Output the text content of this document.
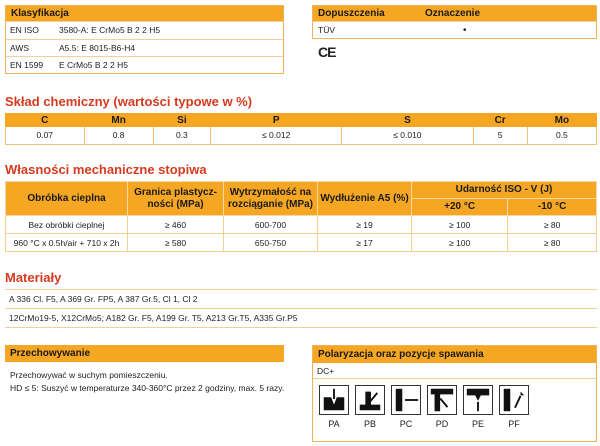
Klasyfikacja
EN ISO	3580-A: E CrMo5 B 2 2 H5
AWS	A5.5: E 8015-B6-H4
EN 1599	E CrMo5 B 2 2 H5
Dopuszczenia	Oznaczenie
TÜV	•
CE
Skład chemiczny (wartości typowe w %)
C	Mn	Si	P	S	Cr	Mo
0.07	0.8	0.3	≤ 0.012	≤ 0.010	5	0.5
Własności mechaniczne stopiwa
Obróbka cieplna	Granica plastycz-ności (MPa)	Wytrzymałość na rozciąganie (MPa)	Wydłużenie A5 (%)	Udarność ISO - V (J)	
				+20 °C	-10 °C
Bez obróbki cieplnej	≥ 460	600-700	≥ 19	≥ 100	≥ 80
960 °C x 0.5h/air + 710 x 2h	≥ 580	650-750	≥ 17	≥ 100	≥ 80
Materiały
A 336 Cl. F5, A 369 Gr. FP5, A 387 Gr.5, Cl 1, Cl 2
12CrMo19-5, X12CrMo5; A182 Gr. F5, A199 Gr. T5, A213 Gr.T5, A335 Gr.P5
Przechowywanie
Przechowywać w suchym pomieszczeniu.
HD ≤ 5: Suszyć w temperaturze 340-360°C przez 2 godziny, max. 5 razy.
Polaryzacja oraz pozycje spawania
DC+
PA	PB	PC	PD	PE	PF
